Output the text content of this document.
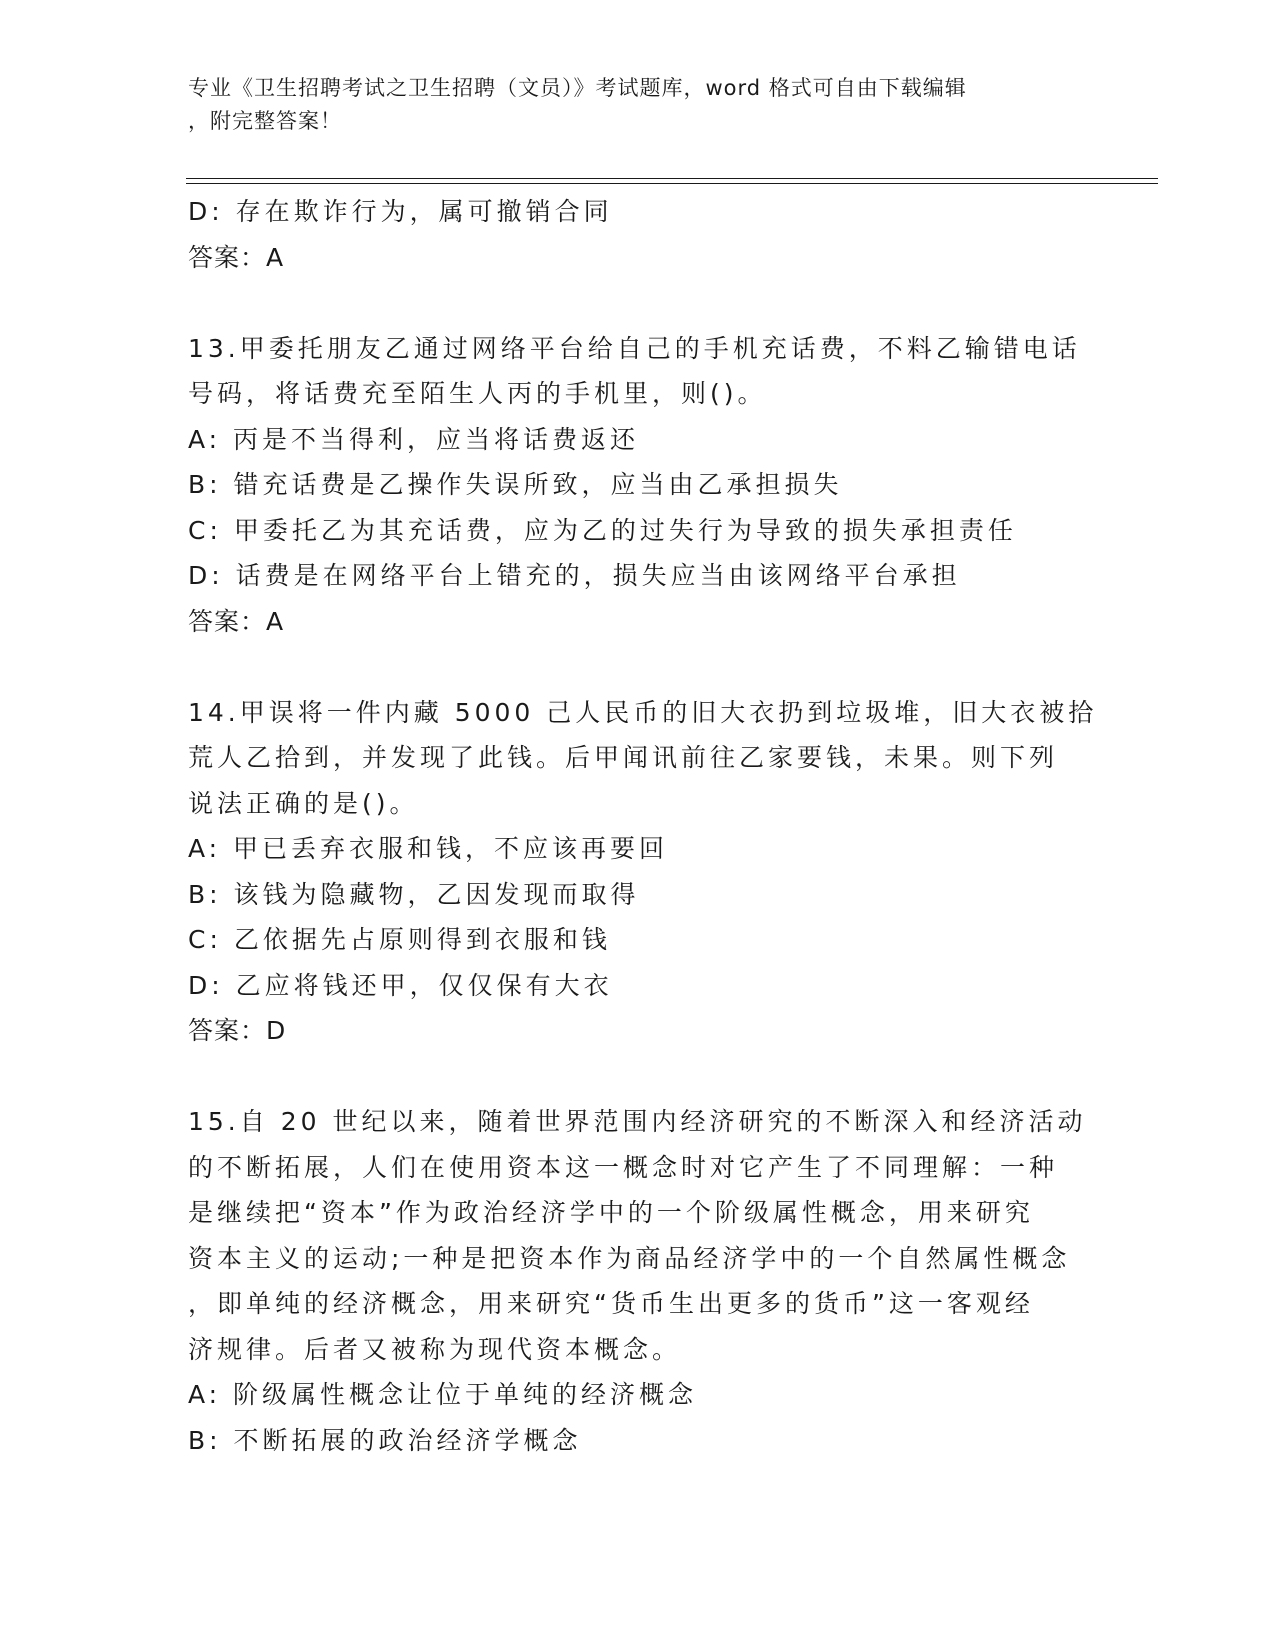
专业《卫生招聘考试之卫生招聘（文员）》考试题库，word 格式可自由下载编辑
，附完整答案！
D: 存在欺诈行为，属可撤销合同
答案：A
13.甲委托朋友乙通过网络平台给自己的手机充话费，不料乙输错电话
号码，将话费充至陌生人丙的手机里，则()。
A: 丙是不当得利，应当将话费返还
B: 错充话费是乙操作失误所致，应当由乙承担损失
C: 甲委托乙为其充话费，应为乙的过失行为导致的损失承担责任
D: 话费是在网络平台上错充的，损失应当由该网络平台承担
答案：A
14.甲误将一件内藏 5000 己人民币的旧大衣扔到垃圾堆，旧大衣被拾
荒人乙拾到，并发现了此钱。后甲闻讯前往乙家要钱，未果。则下列
说法正确的是()。
A: 甲已丢弃衣服和钱，不应该再要回
B: 该钱为隐藏物，乙因发现而取得
C: 乙依据先占原则得到衣服和钱
D: 乙应将钱还甲，仅仅保有大衣
答案：D
15.自 20 世纪以来，随着世界范围内经济研究的不断深入和经济活动
的不断拓展，人们在使用资本这一概念时对它产生了不同理解：一种
是继续把“资本”作为政治经济学中的一个阶级属性概念，用来研究
资本主义的运动;一种是把资本作为商品经济学中的一个自然属性概念
，即单纯的经济概念，用来研究“货币生出更多的货币”这一客观经
济规律。后者又被称为现代资本概念。
A: 阶级属性概念让位于单纯的经济概念
B: 不断拓展的政治经济学概念
